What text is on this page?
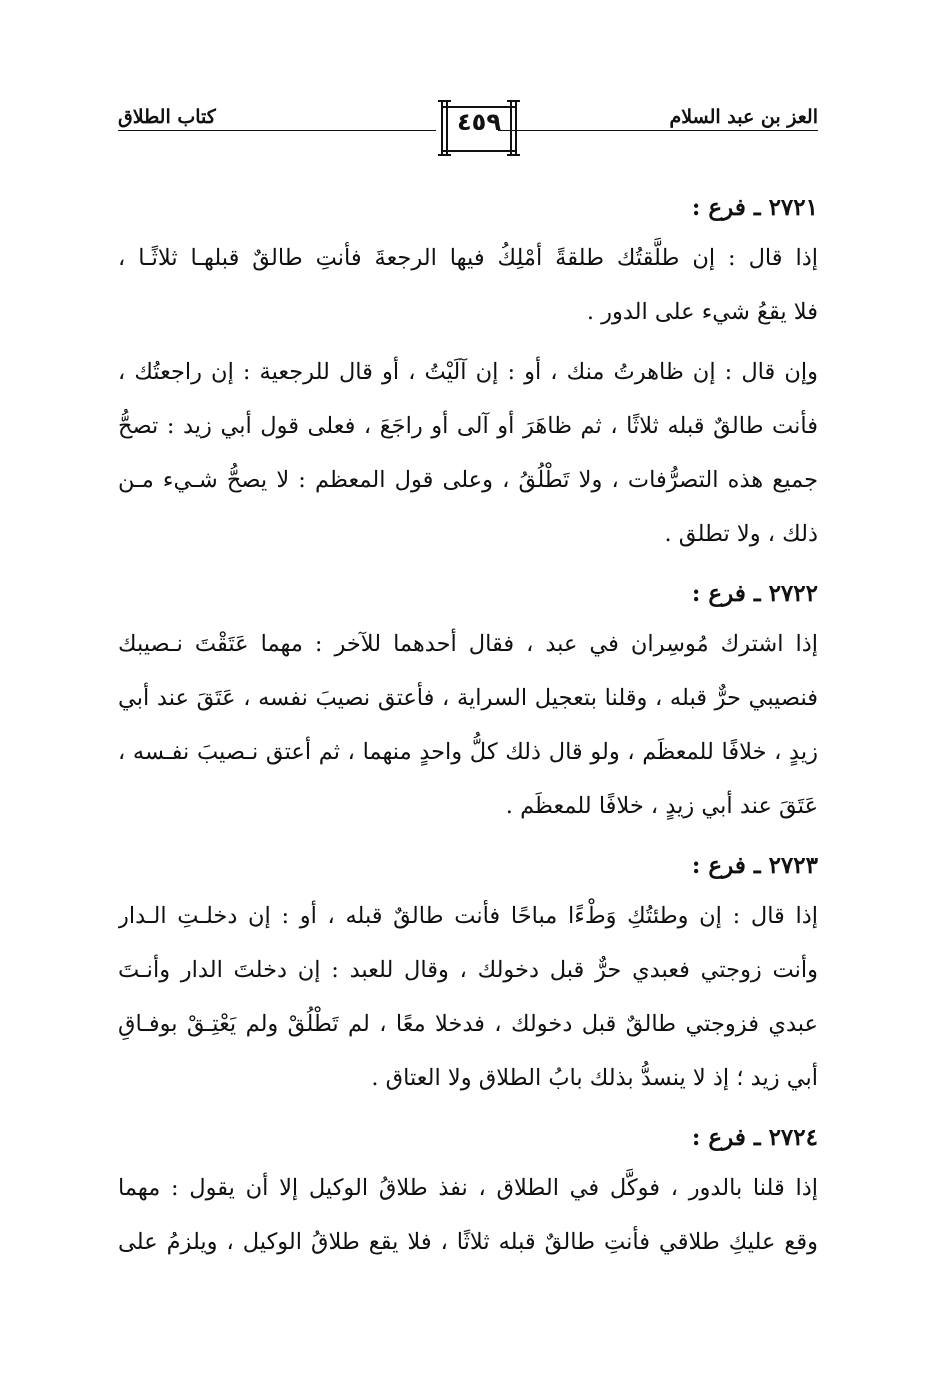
العز بن عبد السلام
كتاب الطلاق	٤٥٩
٢٧٢١ ـ فرع :
إذا قال : إن طلَّقتُك طلقةً أمْلِكُ فيها الرجعةَ فأنتِ طالقٌ قبلهـا ثلاثًـا ،
فلا يقعُ شيء على الدور .
وإن قال : إن ظاهرتُ منك ، أو : إن آلَيْتُ ، أو قال للرجعية : إن راجعتُك ،
فأنت طالقٌ قبله ثلاثًا ، ثم ظاهَرَ أو آلى أو راجَعَ ، فعلى قول أبي زيد : تصحُّ
جميع هذه التصرُّفات ، ولا تَطْلُقُ ، وعلى قول المعظم : لا يصحُّ شـيء مـن
ذلك ، ولا تطلق .
٢٧٢٢ ـ فرع :
إذا اشترك مُوسِران في عبد ، فقال أحدهما للآخر : مهما عَتَقْتَ نـصيبك
فنصيبي حرٌّ قبله ، وقلنا بتعجيل السراية ، فأعتق نصيبَ نفسه ، عَتَقَ عند أبي
زيدٍ ، خلافًا للمعظَم ، ولو قال ذلك كلُّ واحدٍ منهما ، ثم أعتق نـصيبَ نفـسه ،
عَتَقَ عند أبي زيدٍ ، خلافًا للمعظَم .
٢٧٢٣ ـ فرع :
إذا قال : إن وطئتُكِ وَطْءًا مباحًا فأنت طالقٌ قبله ، أو : إن دخلـتِ الـدار
وأنت زوجتي فعبدي حرٌّ قبل دخولك ، وقال للعبد : إن دخلتَ الدار وأنـتَ
عبدي فزوجتي طالقٌ قبل دخولك ، فدخلا معًا ، لم تَطْلُقْ ولم يَعْتِـقْ بوفـاقِ
أبي زيد ؛ إذ لا ينسدُّ بذلك بابُ الطلاق ولا العتاق .
٢٧٢٤ ـ فرع :
إذا قلنا بالدور ، فوكَّل في الطلاق ، نفذ طلاقُ الوكيل إلا أن يقول : مهما
وقع عليكِ طلاقي فأنتِ طالقٌ قبله ثلاثًا ، فلا يقع طلاقُ الوكيل ، ويلزمُ على
